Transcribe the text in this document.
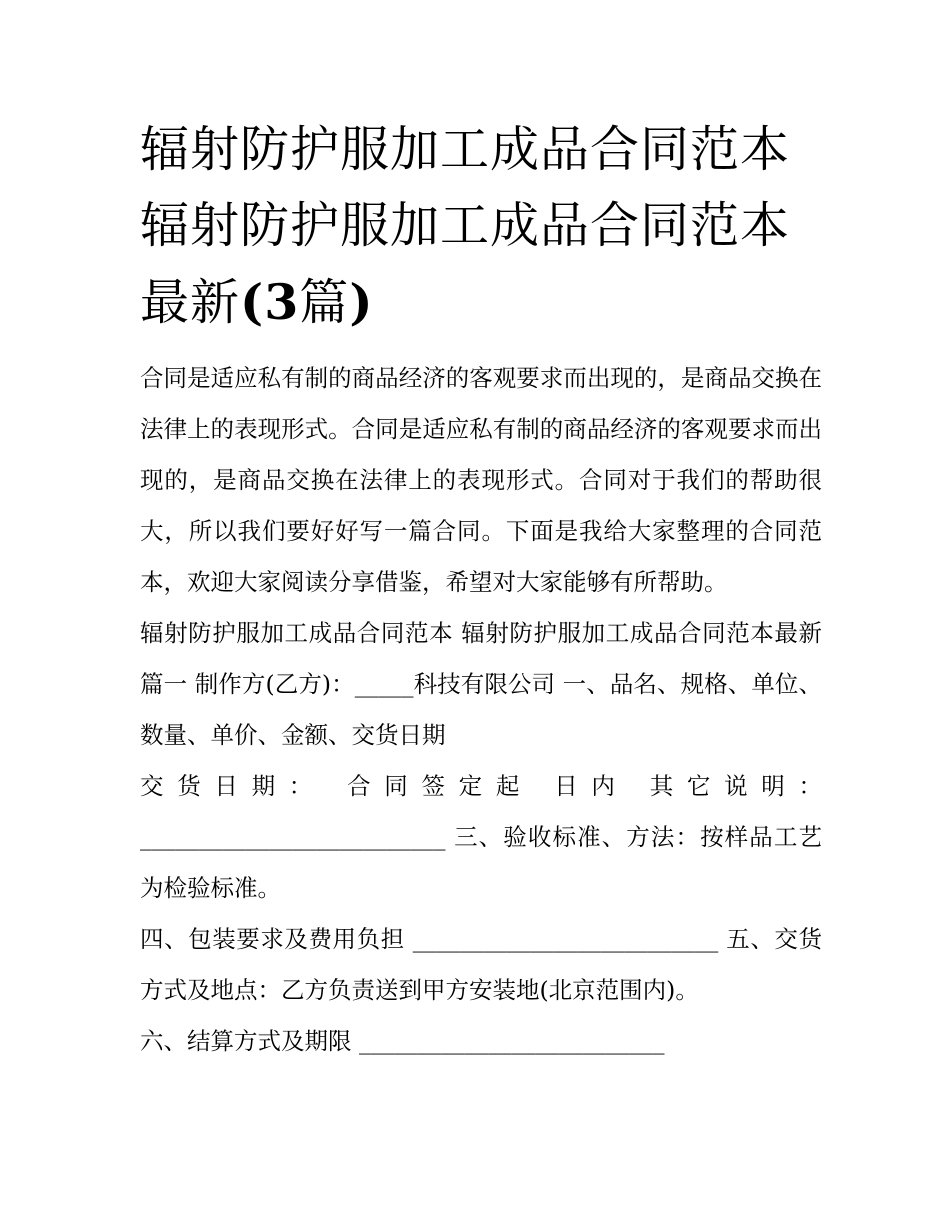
辐射防护服加工成品合同范本
辐射防护服加工成品合同范本
最新(3篇)

合同是适应私有制的商品经济的客观要求而出现的，是商品交换在法律上的表现形式。合同是适应私有制的商品经济的客观要求而出现的，是商品交换在法律上的表现形式。合同对于我们的帮助很大，所以我们要好好写一篇合同。下面是我给大家整理的合同范本，欢迎大家阅读分享借鉴，希望对大家能够有所帮助。

辐射防护服加工成品合同范本 辐射防护服加工成品合同范本最新篇一 制作方(乙方)：_____科技有限公司 一、品名、规格、单位、数量、单价、金额、交货日期

交货日期： 合同签定起 日内 其它说明：__________________________ 三、验收标准、方法：按样品工艺为检验标准。

四、包装要求及费用负担 __________________________ 五、交货方式及地点：乙方负责送到甲方安装地(北京范围内)。

六、结算方式及期限 __________________________
